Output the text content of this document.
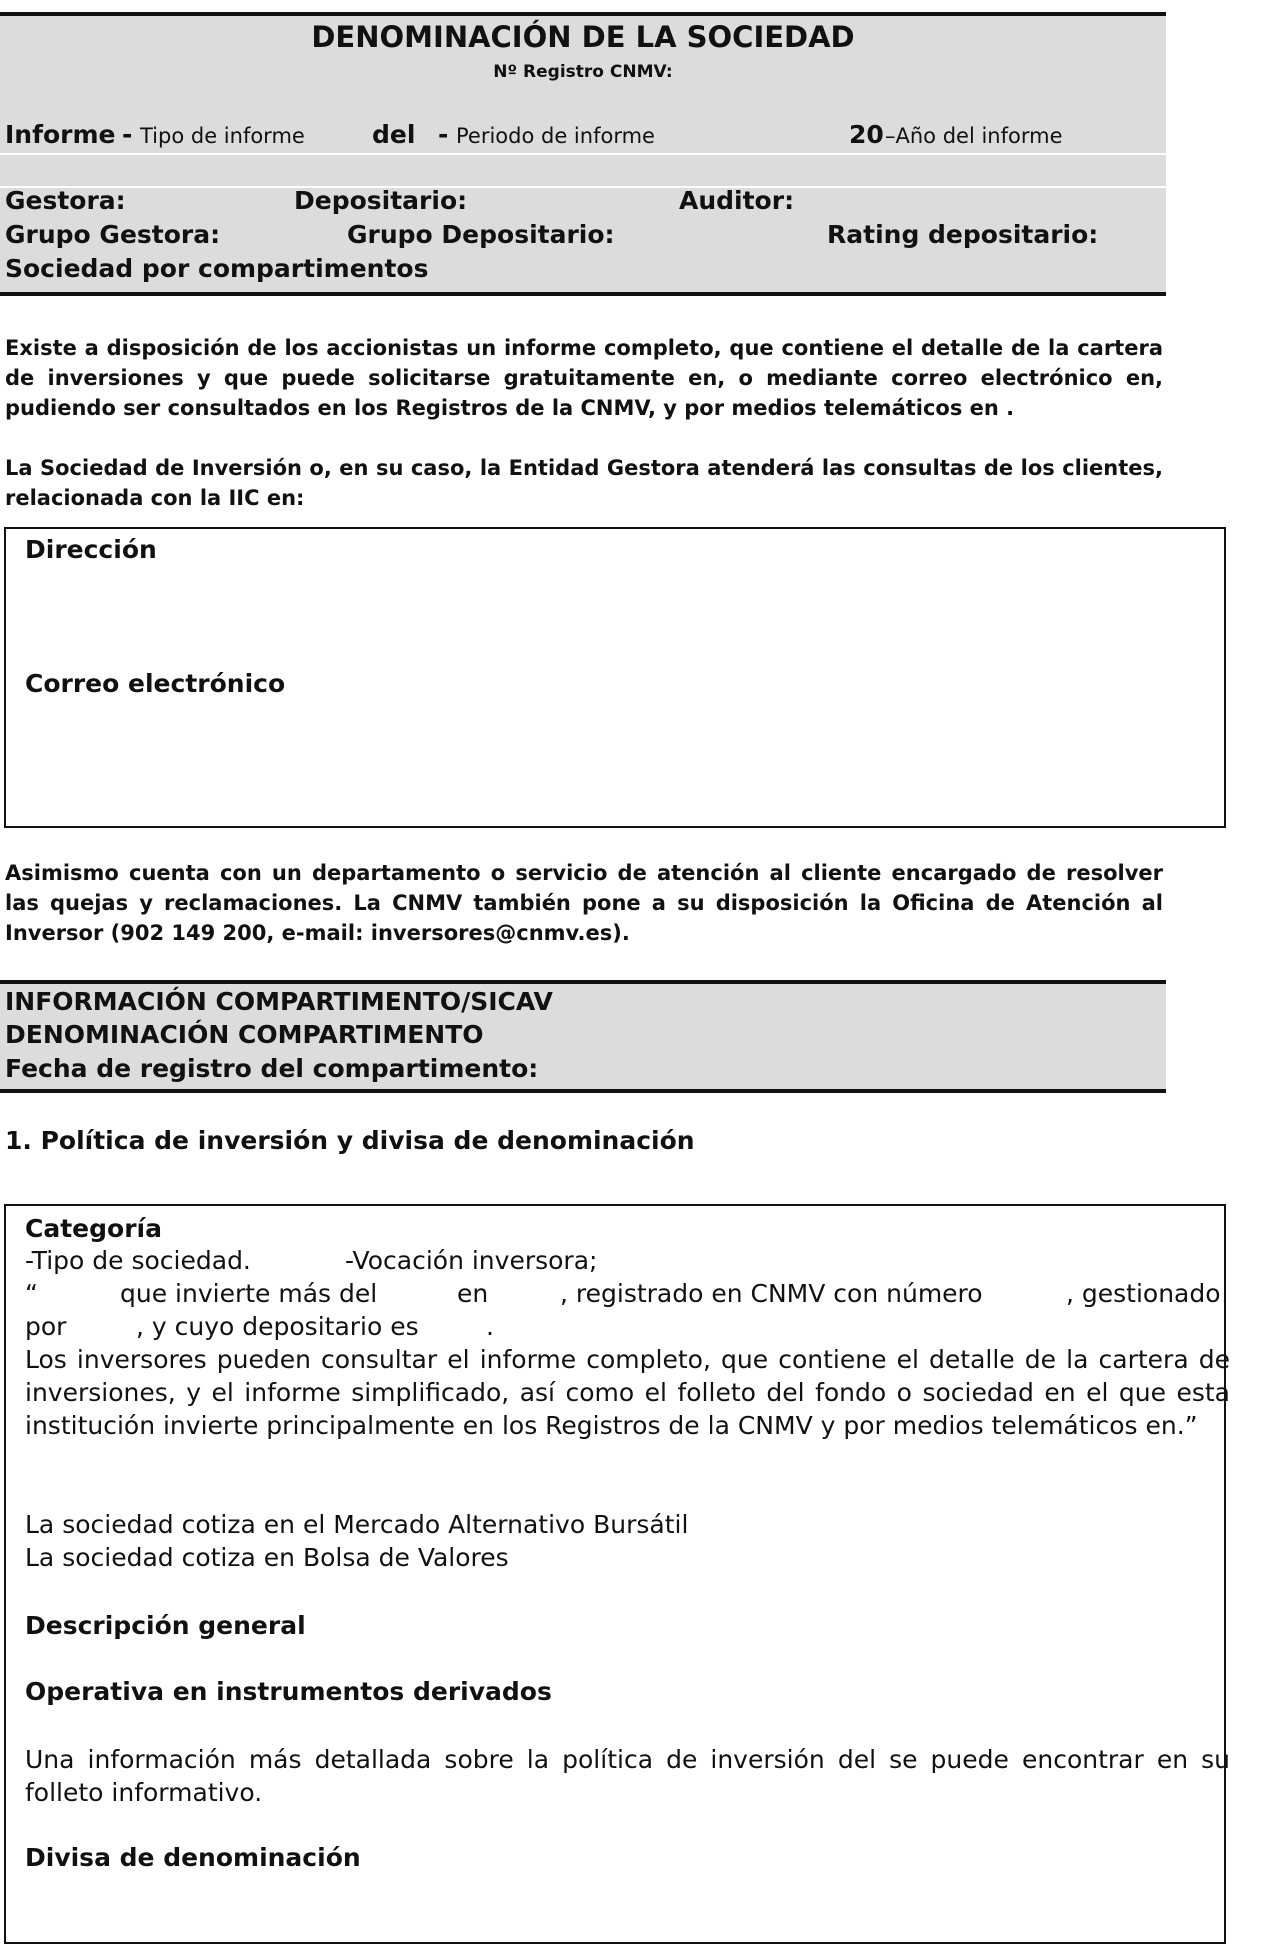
DENOMINACIÓN DE LA SOCIEDAD
Nº Registro CNMV:
Informe - Tipo de informe	del - Periodo de informe	20 –Año del informe
Gestora:	Depositario:	Auditor:
Grupo Gestora:	Grupo Depositario:	Rating depositario:
Sociedad por compartimentos
Existe a disposición de los accionistas un informe completo, que contiene el detalle de la cartera de inversiones y que puede solicitarse gratuitamente en, o mediante correo electrónico en, pudiendo ser consultados en los Registros de la CNMV, y por medios telemáticos en .
La Sociedad de Inversión o, en su caso, la Entidad Gestora atenderá las consultas de los clientes, relacionada con la IIC en:
Dirección
Correo electrónico
Asimismo cuenta con un departamento o servicio de atención al cliente encargado de resolver las quejas y reclamaciones. La CNMV también pone a su disposición la Oficina de Atención al Inversor (902 149 200, e-mail: inversores@cnmv.es).
INFORMACIÓN COMPARTIMENTO/SICAV
DENOMINACIÓN COMPARTIMENTO
Fecha de registro del compartimento:
1. Política de inversión y divisa de denominación
Categoría
-Tipo de sociedad.	-Vocación inversora;
“	que invierte más del	en	, registrado en CNMV con número	, gestionado
por	, y cuyo depositario es	.
Los inversores pueden consultar el informe completo, que contiene el detalle de la cartera de inversiones, y el informe simplificado, así como el folleto del fondo o sociedad en el que esta institución invierte principalmente en los Registros de la CNMV y por medios telemáticos en.”
La sociedad cotiza en el Mercado Alternativo Bursátil
La sociedad cotiza en Bolsa de Valores
Descripción general
Operativa en instrumentos derivados
Una información más detallada sobre la política de inversión del se puede encontrar en su folleto informativo.
Divisa de denominación
